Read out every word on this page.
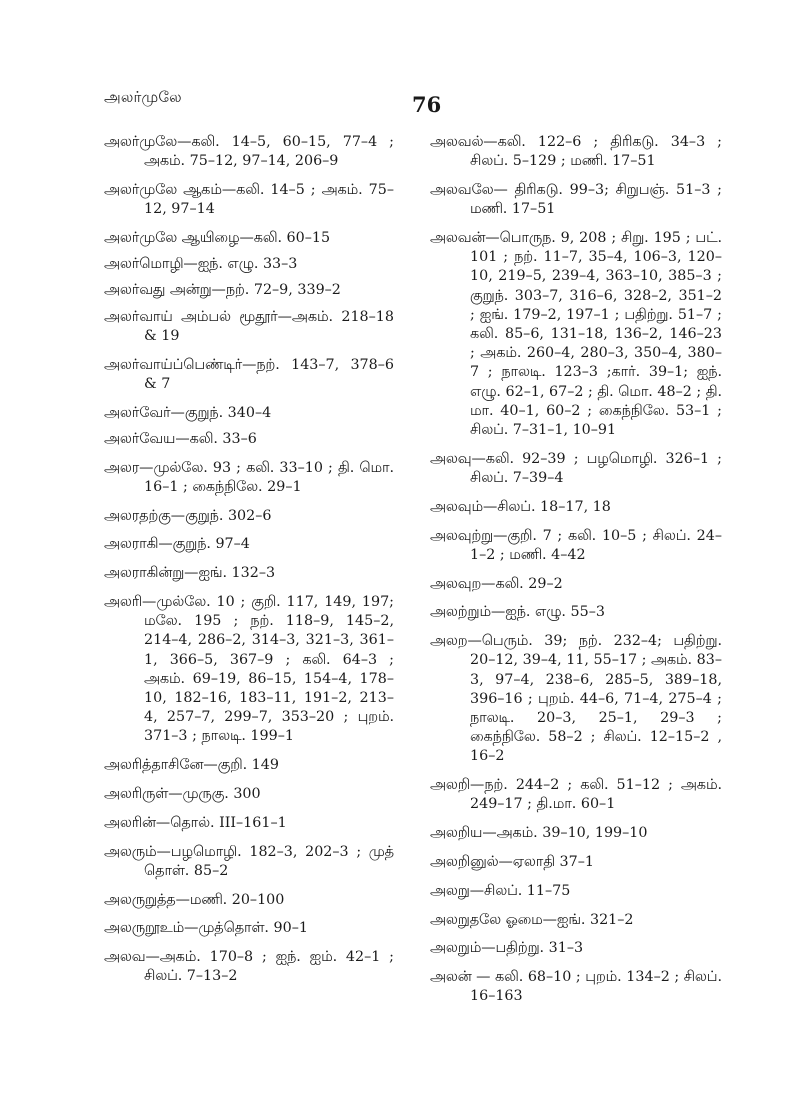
அலர்முலே	76
அலர்முலே—கலி. 14–5, 60–15, 77–4 ; அகம். 75–12, 97–14, 206–9
அலர்முலே ஆகம்—கலி. 14–5 ; அகம். 75–12, 97–14
அலர்முலே ஆயிழை—கலி. 60–15
அலர்மொழி—ஐந். எழு. 33–3
அலர்வது அன்று—நற். 72–9, 339–2
அலர்வாய் அம்பல் மூதூர்—அகம். 218–18 & 19
அலர்வாய்ப்பெண்டிர்—நற். 143–7, 378–6 & 7
அலர்வேர்—குறுந். 340–4
அலர்வேய—கலி. 33–6
அலர—முல்லே. 93 ; கலி. 33–10 ; தி. மொ. 16–1 ; கைந்நிலே. 29–1
அலரதற்கு—குறுந். 302–6
அலராகி—குறுந். 97–4
அலராகின்று—ஐங். 132–3
அலரி—முல்லே. 10 ; குறி. 117, 149, 197; மலே. 195 ; நற். 118–9, 145–2, 214–4, 286–2, 314–3, 321–3, 361–1, 366–5, 367–9 ; கலி. 64–3 ; அகம். 69–19, 86–15, 154–4, 178–10, 182–16, 183–11, 191–2, 213–4, 257–7, 299–7, 353–20 ; புறம். 371–3 ; நாலடி. 199–1
அலரித்தாசினே—குறி. 149
அலரிருள்—முருகு. 300
அலரின்—தொல். III–161–1
அலரும்—பழமொழி. 182–3, 202–3 ; முத் தொள். 85–2
அலருறுத்த—மணி. 20–100
அலருறூஉம்—முத்தொள். 90–1
அலவ—அகம். 170–8 ; ஐந். ஐம். 42–1 ; சிலப். 7–13–2
அலவல்—கலி. 122–6 ; திரிகடு. 34–3 ; சிலப். 5–129 ; மணி. 17–51
அலவலே— திரிகடு. 99–3; சிறுபஞ். 51–3 ; மணி. 17–51
அலவன்—பொருந. 9, 208 ; சிறு. 195 ; பட். 101 ; நற். 11–7, 35–4, 106–3, 120–10, 219–5, 239–4, 363–10, 385–3 ; குறுந். 303–7, 316–6, 328–2, 351–2 ; ஐங். 179–2, 197–1 ; பதிற்று. 51–7 ; கலி. 85–6, 131–18, 136–2, 146–23 ; அகம். 260–4, 280–3, 350–4, 380–7 ; நாலடி. 123–3 ;கார். 39–1; ஐந். எழு. 62–1, 67–2 ; தி. மொ. 48–2 ; தி. மா. 40–1, 60–2 ; கைந்நிலே. 53–1 ; சிலப். 7–31–1, 10–91
அலவு—கலி. 92–39 ; பழமொழி. 326–1 ; சிலப். 7–39–4
அலவும்—சிலப். 18–17, 18
அலவுற்று—குறி. 7 ; கலி. 10–5 ; சிலப். 24–1–2 ; மணி. 4–42
அலவுற—கலி. 29–2
அலற்றும்—ஐந். எழு. 55–3
அலற—பெரும். 39; நற். 232–4; பதிற்று. 20–12, 39–4, 11, 55–17 ; அகம். 83–3, 97–4, 238–6, 285–5, 389–18, 396–16 ; புறம். 44–6, 71–4, 275–4 ; நாலடி. 20–3, 25–1, 29–3 ; கைந்நிலே. 58–2 ; சிலப். 12–15–2 , 16–2
அலறி—நற். 244–2 ; கலி. 51–12 ; அகம். 249–17 ; தி.மா. 60–1
அலறிய—அகம். 39–10, 199–10
அலறினுல்—ஏலாதி 37–1
அலறு—சிலப். 11–75
அலறுதலே ஓமை—ஐங். 321–2
அலறும்—பதிற்று. 31–3
அலன் — கலி. 68–10 ; புறம். 134–2 ; சிலப். 16–163
